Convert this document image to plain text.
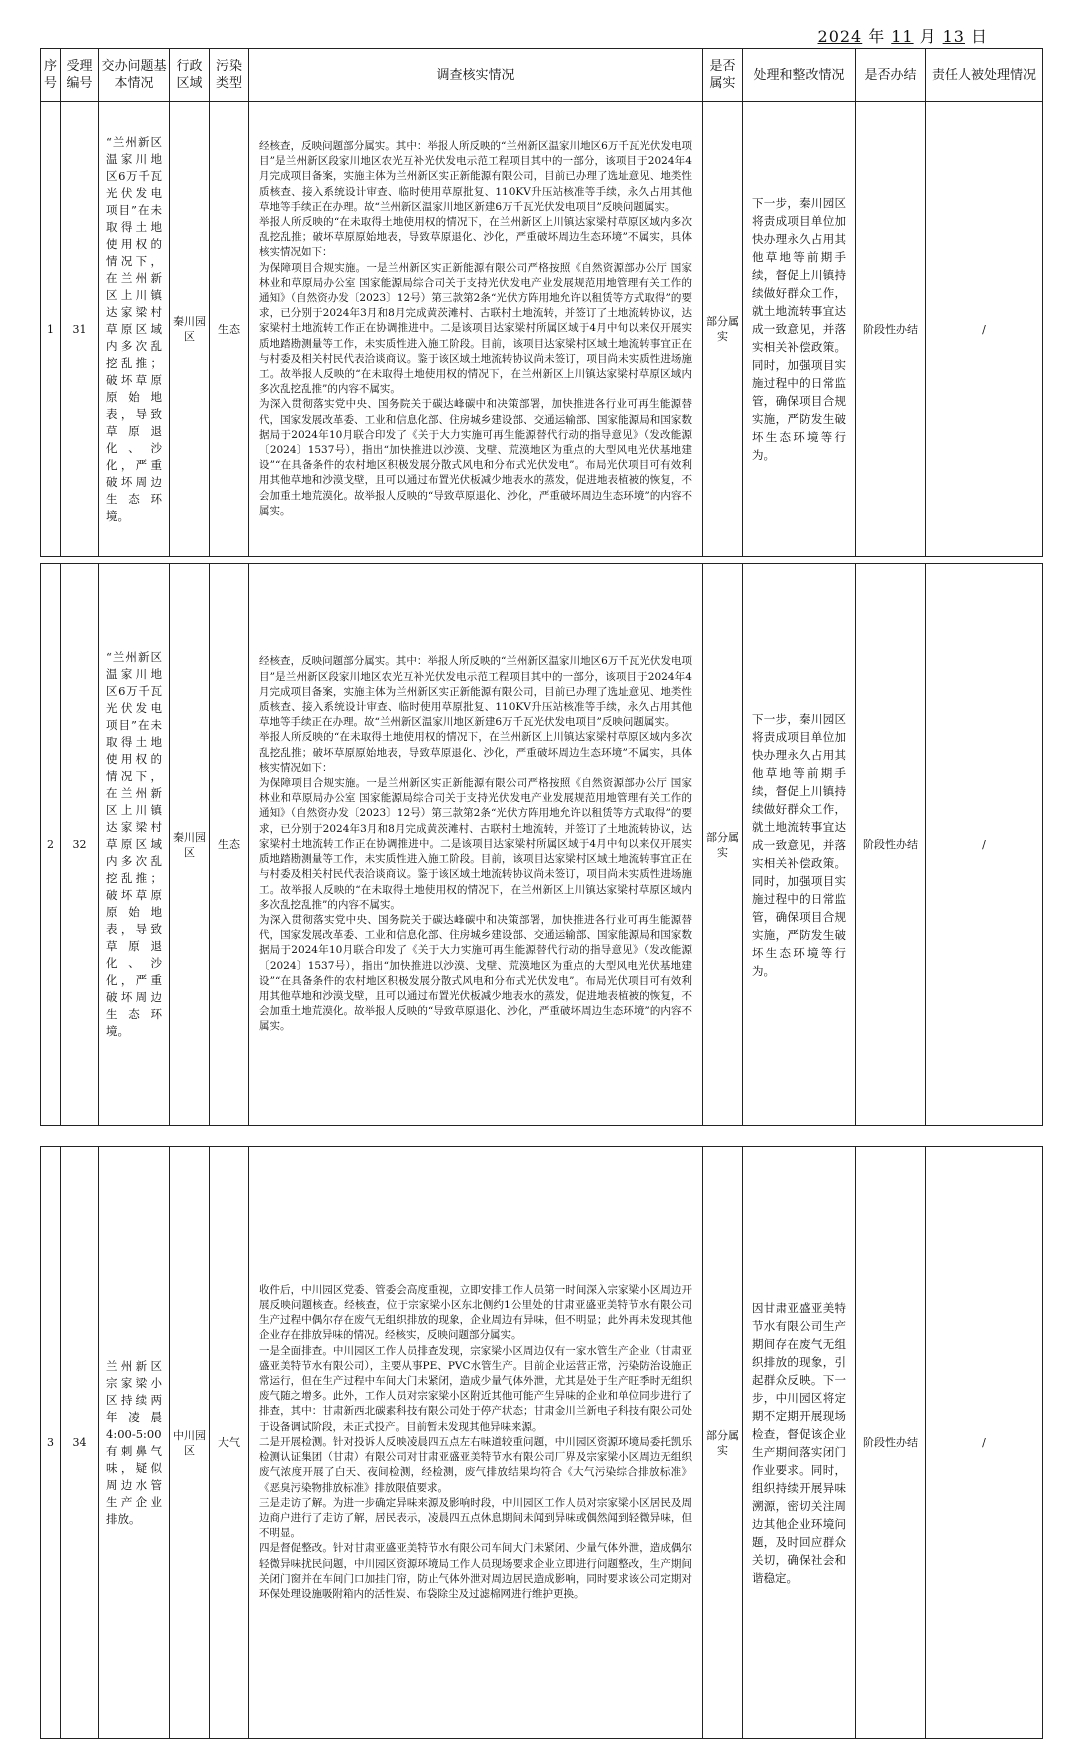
2024 年 11 月 13 日
序号	受理编号	交办问题基本情况	行政区域	污染类型	调查核实情况	是否属实	处理和整改情况	是否办结	责任人被处理情况
1	31	“兰州新区温家川地区6万千瓦光伏发电项目”在未取得土地使用权的情况下，在兰州新区上川镇达家梁村草原区域内多次乱挖乱推；破坏草原原始地表，导致草原退化、沙化，严重破坏周边生态环境。	秦川园区	生态	经核查，反映问题部分属实。其中：举报人所反映的“兰州新区温家川地区6万千瓦光伏发电项目”是兰州新区段家川地区农光互补光伏发电示范工程项目其中的一部分，该项目于2024年4月完成项目备案，实施主体为兰州新区实正新能源有限公司，目前已办理了选址意见、地类性质核查、接入系统设计审查、临时使用草原批复、110KV升压站核准等手续，永久占用其他草地等手续正在办理。故“兰州新区温家川地区新建6万千瓦光伏发电项目”反映问题属实。
举报人所反映的“在未取得土地使用权的情况下，在兰州新区上川镇达家梁村草原区域内多次乱挖乱推；破坏草原原始地表，导致草原退化、沙化，严重破坏周边生态环境”不属实，具体核实情况如下：
为保障项目合规实施。一是兰州新区实正新能源有限公司严格按照《自然资源部办公厅 国家林业和草原局办公室 国家能源局综合司关于支持光伏发电产业发展规范用地管理有关工作的通知》（自然资办发〔2023〕12号）第三款第2条“光伏方阵用地允许以租赁等方式取得”的要求，已分别于2024年3月和8月完成黄茨滩村、古联村土地流转，并签订了土地流转协议，达家梁村土地流转工作正在协调推进中。二是该项目达家梁村所属区域于4月中旬以来仅开展实质地踏勘测量等工作，未实质性进入施工阶段。目前，该项目达家梁村区域土地流转事宜正在与村委及相关村民代表洽谈商议。鉴于该区域土地流转协议尚未签订，项目尚未实质性进场施工。故举报人反映的“在未取得土地使用权的情况下，在兰州新区上川镇达家梁村草原区域内多次乱挖乱推”的内容不属实。
为深入贯彻落实党中央、国务院关于碳达峰碳中和决策部署，加快推进各行业可再生能源替代，国家发展改革委、工业和信息化部、住房城乡建设部、交通运输部、国家能源局和国家数据局于2024年10月联合印发了《关于大力实施可再生能源替代行动的指导意见》（发改能源〔2024〕1537号），指出“加快推进以沙漠、戈壁、荒漠地区为重点的大型风电光伏基地建设”“在具备条件的农村地区积极发展分散式风电和分布式光伏发电”。布局光伏项目可有效利用其他草地和沙漠戈壁，且可以通过布置光伏板减少地表水的蒸发，促进地表植被的恢复，不会加重土地荒漠化。故举报人反映的“导致草原退化、沙化，严重破坏周边生态环境”的内容不属实。	部分属实	下一步，秦川园区将责成项目单位加快办理永久占用其他草地等前期手续，督促上川镇持续做好群众工作，就土地流转事宜达成一致意见，并落实相关补偿政策。同时，加强项目实施过程中的日常监管，确保项目合规实施，严防发生破坏生态环境等行为。	阶段性办结	/
2	32	“兰州新区温家川地区6万千瓦光伏发电项目”在未取得土地使用权的情况下，在兰州新区上川镇达家梁村草原区域内多次乱挖乱推；破坏草原原始地表，导致草原退化、沙化，严重破坏周边生态环境。	秦川园区	生态	经核查，反映问题部分属实。其中：举报人所反映的“兰州新区温家川地区6万千瓦光伏发电项目”是兰州新区段家川地区农光互补光伏发电示范工程项目其中的一部分，该项目于2024年4月完成项目备案，实施主体为兰州新区实正新能源有限公司，目前已办理了选址意见、地类性质核查、接入系统设计审查、临时使用草原批复、110KV升压站核准等手续，永久占用其他草地等手续正在办理。故“兰州新区温家川地区新建6万千瓦光伏发电项目”反映问题属实。
举报人所反映的“在未取得土地使用权的情况下，在兰州新区上川镇达家梁村草原区域内多次乱挖乱推；破坏草原原始地表，导致草原退化、沙化，严重破坏周边生态环境”不属实，具体核实情况如下：
为保障项目合规实施。一是兰州新区实正新能源有限公司严格按照《自然资源部办公厅 国家林业和草原局办公室 国家能源局综合司关于支持光伏发电产业发展规范用地管理有关工作的通知》（自然资办发〔2023〕12号）第三款第2条“光伏方阵用地允许以租赁等方式取得”的要求，已分别于2024年3月和8月完成黄茨滩村、古联村土地流转，并签订了土地流转协议，达家梁村土地流转工作正在协调推进中。二是该项目达家梁村所属区域于4月中旬以来仅开展实质地踏勘测量等工作，未实质性进入施工阶段。目前，该项目达家梁村区域土地流转事宜正在与村委及相关村民代表洽谈商议。鉴于该区域土地流转协议尚未签订，项目尚未实质性进场施工。故举报人反映的“在未取得土地使用权的情况下，在兰州新区上川镇达家梁村草原区域内多次乱挖乱推”的内容不属实。
为深入贯彻落实党中央、国务院关于碳达峰碳中和决策部署，加快推进各行业可再生能源替代，国家发展改革委、工业和信息化部、住房城乡建设部、交通运输部、国家能源局和国家数据局于2024年10月联合印发了《关于大力实施可再生能源替代行动的指导意见》（发改能源〔2024〕1537号），指出“加快推进以沙漠、戈壁、荒漠地区为重点的大型风电光伏基地建设”“在具备条件的农村地区积极发展分散式风电和分布式光伏发电”。布局光伏项目可有效利用其他草地和沙漠戈壁，且可以通过布置光伏板减少地表水的蒸发，促进地表植被的恢复，不会加重土地荒漠化。故举报人反映的“导致草原退化、沙化，严重破坏周边生态环境”的内容不属实。	部分属实	下一步，秦川园区将责成项目单位加快办理永久占用其他草地等前期手续，督促上川镇持续做好群众工作，就土地流转事宜达成一致意见，并落实相关补偿政策。同时，加强项目实施过程中的日常监管，确保项目合规实施，严防发生破坏生态环境等行为。	阶段性办结	/
3	34	兰州新区宗家梁小区持续两年凌晨4:00-5:00有刺鼻气味，疑似周边水管生产企业排放。	中川园区	大气	收件后，中川园区党委、管委会高度重视，立即安排工作人员第一时间深入宗家梁小区周边开展反映问题核查。经核查，位于宗家梁小区东北侧约1公里处的甘肃亚盛亚美特节水有限公司生产过程中偶尔存在废气无组织排放的现象，企业周边有异味，但不明显；此外再未发现其他企业存在排放异味的情况。经核实，反映问题部分属实。
一是全面排查。中川园区工作人员排查发现，宗家梁小区周边仅有一家水管生产企业（甘肃亚盛亚美特节水有限公司），主要从事PE、PVC水管生产。目前企业运营正常，污染防治设施正常运行，但在生产过程中车间大门未紧闭，造成少量气体外泄，尤其是处于生产旺季时无组织废气随之增多。此外，工作人员对宗家梁小区附近其他可能产生异味的企业和单位同步进行了排查，其中：甘肃新西北碳素科技有限公司处于停产状态；甘肃金川兰新电子科技有限公司处于设备调试阶段，未正式投产。目前暂未发现其他异味来源。
二是开展检测。针对投诉人反映凌晨四五点左右味道较重问题，中川园区资源环境局委托凯乐检测认证集团（甘肃）有限公司对甘肃亚盛亚美特节水有限公司厂界及宗家梁小区周边无组织废气浓度开展了白天、夜间检测，经检测，废气排放结果均符合《大气污染综合排放标准》《恶臭污染物排放标准》排放限值要求。
三是走访了解。为进一步确定异味来源及影响时段，中川园区工作人员对宗家梁小区居民及周边商户进行了走访了解，居民表示，凌晨四五点休息期间未闻到异味或偶然闻到轻微异味，但不明显。
四是督促整改。针对甘肃亚盛亚美特节水有限公司车间大门未紧闭、少量气体外泄，造成偶尔轻微异味扰民问题，中川园区资源环境局工作人员现场要求企业立即进行问题整改，生产期间关闭门窗并在车间门口加挂门帘，防止气体外泄对周边居民造成影响，同时要求该公司定期对环保处理设施吸附箱内的活性炭、布袋除尘及过滤棉网进行维护更换。	部分属实	因甘肃亚盛亚美特节水有限公司生产期间存在废气无组织排放的现象，引起群众反映。下一步，中川园区将定期不定期开展现场检查，督促该企业生产期间落实闭门作业要求。同时，组织持续开展异味溯源，密切关注周边其他企业环境问题，及时回应群众关切，确保社会和谐稳定。	阶段性办结	/
